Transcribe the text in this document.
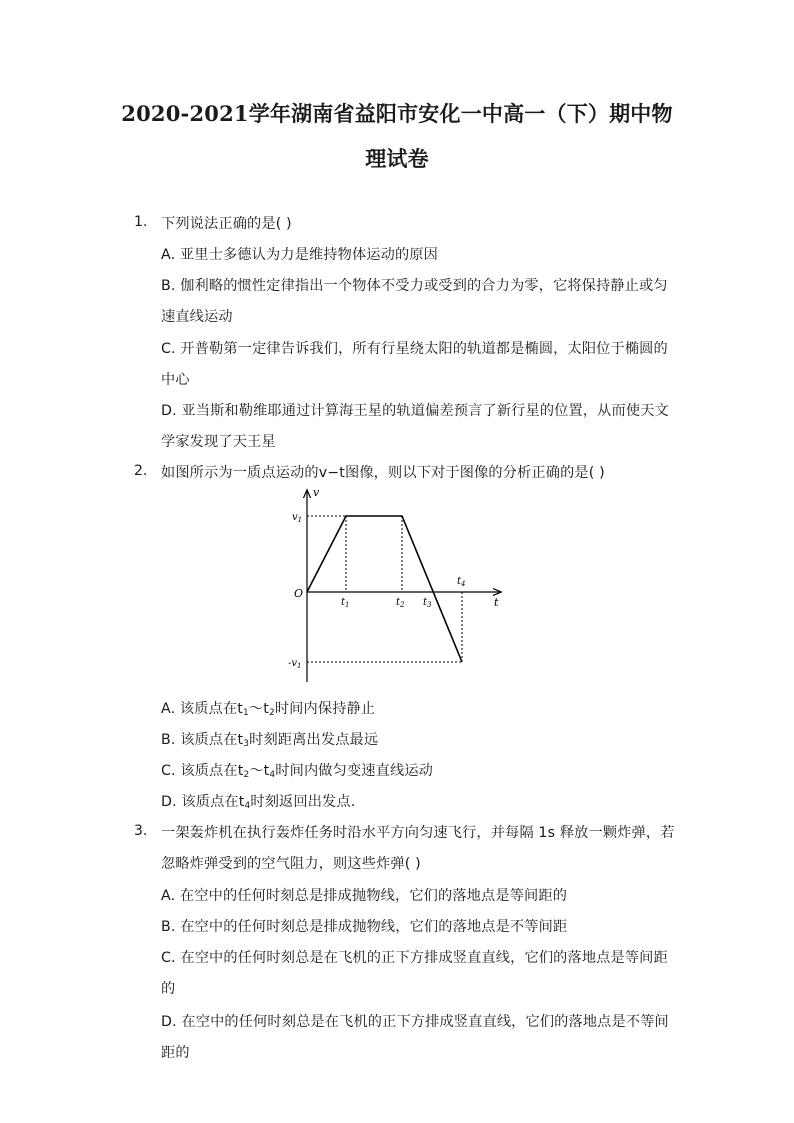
2020-2021学年湖南省益阳市安化一中高一（下）期中物
理试卷
1. 下列说法正确的是( )
A. 亚里士多德认为力是维持物体运动的原因
B. 伽利略的惯性定律指出一个物体不受力或受到的合力为零，它将保持静止或匀
速直线运动
C. 开普勒第一定律告诉我们，所有行星绕太阳的轨道都是椭圆，太阳位于椭圆的
中心
D. 亚当斯和勒维耶通过计算海王星的轨道偏差预言了新行星的位置，从而使天文
学家发现了天王星
2. 如图所示为一质点运动的v−t图像，则以下对于图像的分析正确的是( )
v
t
O
$v_1$
$-v_1$
$t_1$	$t_2$ $t_3$
$t_4$
A. 该质点在$t_1\sim t_2$时间内保持静止
B. 该质点在$t_3$时刻距离出发点最远
C. 该质点在$t_2\sim t_4$时间内做匀变速直线运动
D. 该质点在$t_4$时刻返回出发点.
3. 一架轰炸机在执行轰炸任务时沿水平方向匀速飞行，并每隔 1s 释放一颗炸弹，若
忽略炸弹受到的空气阻力，则这些炸弹( )
A. 在空中的任何时刻总是排成抛物线，它们的落地点是等间距的
B. 在空中的任何时刻总是排成抛物线，它们的落地点是不等间距
C. 在空中的任何时刻总是在飞机的正下方排成竖直直线，它们的落地点是等间距
的
D. 在空中的任何时刻总是在飞机的正下方排成竖直直线，它们的落地点是不等间
距的
